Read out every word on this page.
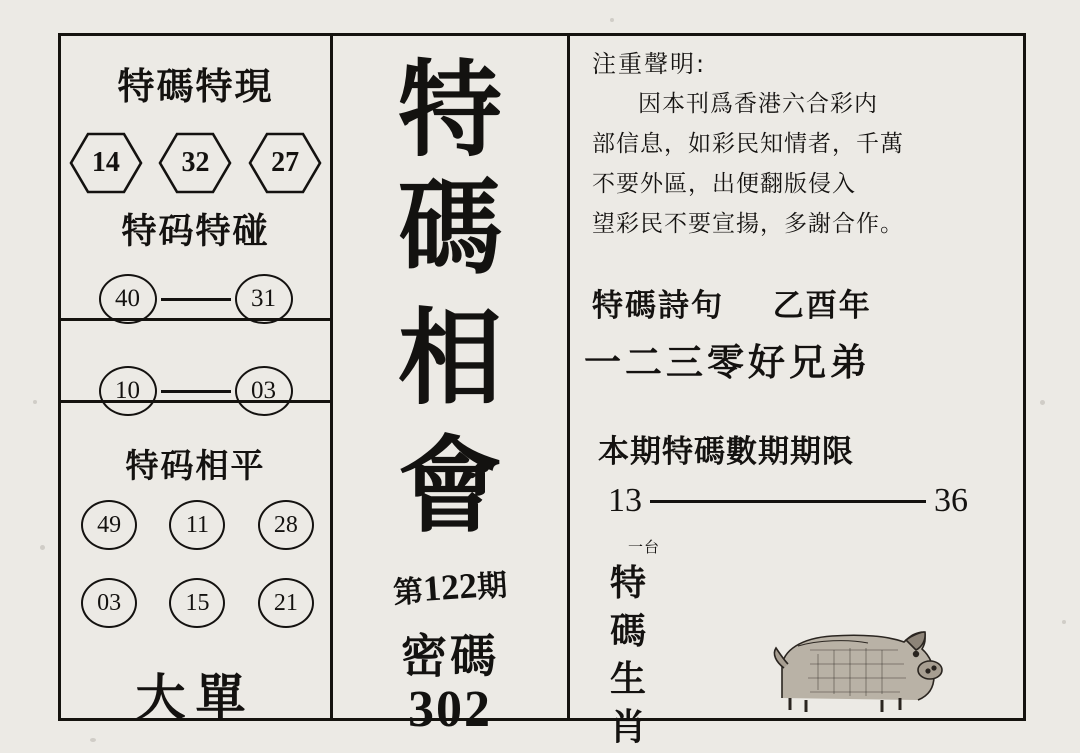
特碼特現
14 32 27
特码特碰
40	31
10	03
特码相平
49	11	28
03	15	21
大單
特
碼
相
會
第122期
密碼
302
注重聲明:
因本刊爲香港六合彩内
部信息，如彩民知情者，千萬
不要外區，出便翻版侵入
望彩民不要宣揚，多謝合作。
特碼詩句 乙酉年
一二三零好兄弟
本期特碼數期期限
13	36
一台
特碼生肖
